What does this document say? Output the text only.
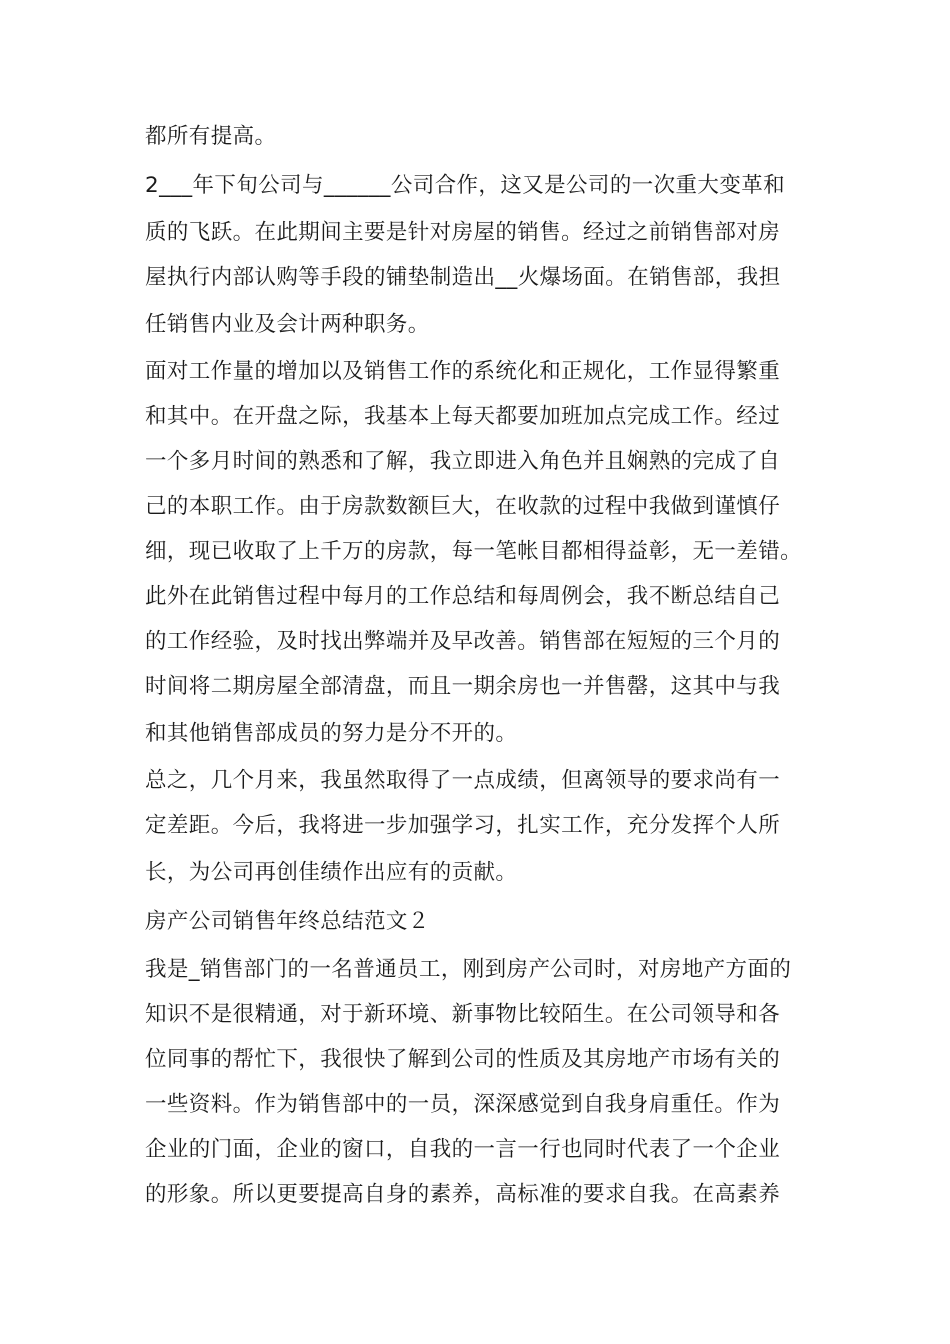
都所有提高。
2___年下旬公司与______公司合作，这又是公司的一次重大变革和
质的飞跃。在此期间主要是针对房屋的销售。经过之前销售部对房
屋执行内部认购等手段的铺垫制造出__火爆场面。在销售部，我担
任销售内业及会计两种职务。
面对工作量的增加以及销售工作的系统化和正规化，工作显得繁重
和其中。在开盘之际，我基本上每天都要加班加点完成工作。经过
一个多月时间的熟悉和了解，我立即进入角色并且娴熟的完成了自
己的本职工作。由于房款数额巨大，在收款的过程中我做到谨慎仔
细，现已收取了上千万的房款，每一笔帐目都相得益彰，无一差错。
此外在此销售过程中每月的工作总结和每周例会，我不断总结自己
的工作经验，及时找出弊端并及早改善。销售部在短短的三个月的
时间将二期房屋全部清盘，而且一期余房也一并售罄，这其中与我
和其他销售部成员的努力是分不开的。
总之，几个月来，我虽然取得了一点成绩，但离领导的要求尚有一
定差距。今后，我将进一步加强学习，扎实工作，充分发挥个人所
长，为公司再创佳绩作出应有的贡献。
房产公司销售年终总结范文２
我是_销售部门的一名普通员工，刚到房产公司时，对房地产方面的
知识不是很精通，对于新环境、新事物比较陌生。在公司领导和各
位同事的帮忙下，我很快了解到公司的性质及其房地产市场有关的
一些资料。作为销售部中的一员，深深感觉到自我身肩重任。作为
企业的门面，企业的窗口，自我的一言一行也同时代表了一个企业
的形象。所以更要提高自身的素养，高标准的要求自我。在高素养
